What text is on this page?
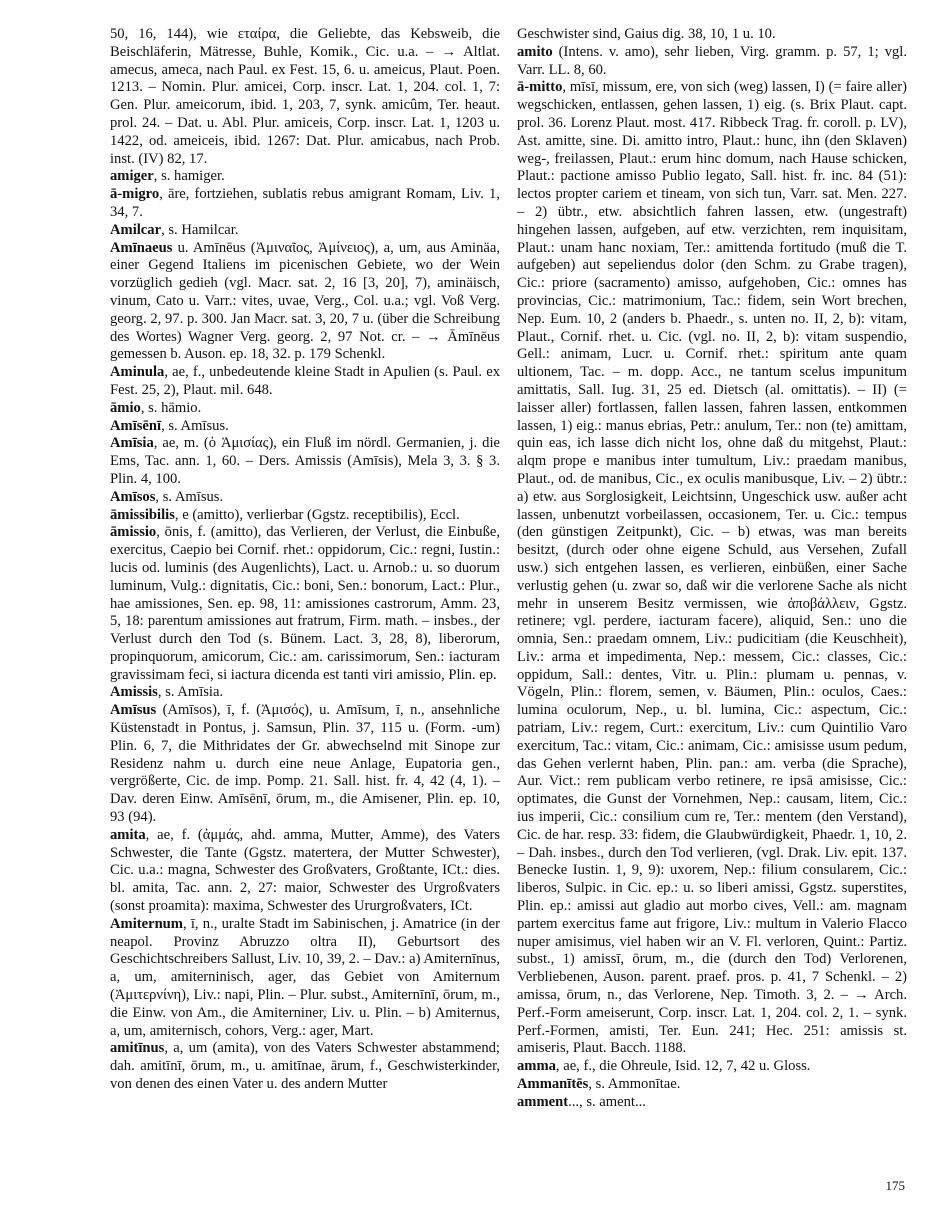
50, 16, 144), wie εταίρα, die Geliebte, das Kebsweib, die Beischläferin, Mätresse, Buhle, Komik., Cic. u.a. – → Altlat. amecus, ameca, nach Paul. ex Fest. 15, 6. u. ameicus, Plaut. Poen. 1213. – Nomin. Plur. amicei, Corp. inscr. Lat. 1, 204. col. 1, 7: Gen. Plur. ameicorum, ibid. 1, 203, 7, synk. amicûm, Ter. heaut. prol. 24. – Dat. u. Abl. Plur. amiceis, Corp. inscr. Lat. 1, 1203 u. 1422, od. ameiceis, ibid. 1267: Dat. Plur. amicabus, nach Prob. inst. (IV) 82, 17.

amiger, s. hamiger.

ā-migro, āre, fortziehen, sublatis rebus amigrant Romam, Liv. 1, 34, 7.

Amilcar, s. Hamilcar.

Amīnaeus u. Amīnēus (Ἀμιναῖος, Ἀμίνειος), a, um, aus Aminäa, einer Gegend Italiens im picenischen Gebiete, wo der Wein vorzüglich gedieh (vgl. Macr. sat. 2, 16 [3, 20], 7), aminäisch, vinum, Cato u. Varr.: vites, uvae, Verg., Col. u.a.; vgl. Voß Verg. georg. 2, 97. p. 300. Jan Macr. sat. 3, 20, 7 u. (über die Schreibung des Wortes) Wagner Verg. georg. 2, 97 Not. cr. – → Āmīnēus gemessen b. Auson. ep. 18, 32. p. 179 Schenkl.

Aminula, ae, f., unbedeutende kleine Stadt in Apulien (s. Paul. ex Fest. 25, 2), Plaut. mil. 648.

āmio, s. hāmio.

Amīsēnī, s. Amīsus.

Amīsia, ae, m. (ὁ Ἀμισίας), ein Fluß im nördl. Germanien, j. die Ems, Tac. ann. 1, 60. – Ders. Amissis (Amīsis), Mela 3, 3. § 3. Plin. 4, 100.

Amīsos, s. Amīsus.

āmissibilis, e (amitto), verlierbar (Ggstz. receptibilis), Eccl.

āmissio, ōnis, f. (amitto), das Verlieren, der Verlust, die Einbuße, exercitus, Caepio bei Cornif. rhet.: oppidorum, Cic.: regni, Iustin.: lucis od. luminis (des Augenlichts), Lact. u. Arnob.: u. so duorum luminum, Vulg.: dignitatis, Cic.: boni, Sen.: bonorum, Lact.: Plur., hae amissiones, Sen. ep. 98, 11: amissiones castrorum, Amm. 23, 5, 18: parentum amissiones aut fratrum, Firm. math. – insbes., der Verlust durch den Tod (s. Bünem. Lact. 3, 28, 8), liberorum, propinquorum, amicorum, Cic.: am. carissimorum, Sen.: iacturam gravissimam feci, si iactura dicenda est tanti viri amissio, Plin. ep.

Amissis, s. Amīsia.

Amīsus (Amīsos), ī, f. (Ἀμισός), u. Amīsum, ī, n., ansehnliche Küstenstadt in Pontus, j. Samsun, Plin. 37, 115 u. (Form. -um) Plin. 6, 7, die Mithridates der Gr. abwechselnd mit Sinope zur Residenz nahm u. durch eine neue Anlage, Eupatoria gen., vergrößerte, Cic. de imp. Pomp. 21. Sall. hist. fr. 4, 42 (4, 1). – Dav. deren Einw. Amīsēnī, ōrum, m., die Amisener, Plin. ep. 10, 93 (94).

amita, ae, f. (ἀμμάς, ahd. amma, Mutter, Amme), des Vaters Schwester, die Tante (Ggstz. matertera, der Mutter Schwester), Cic. u.a.: magna, Schwester des Großvaters, Großtante, ICt.: dies. bl. amita, Tac. ann. 2, 27: maior, Schwester des Urgroßvaters (sonst proamita): maxima, Schwester des Ururgroßvaters, ICt.

Amiternum, ī, n., uralte Stadt im Sabinischen, j. Amatrice (in der neapol. Provinz Abruzzo oltra II), Geburtsort des Geschichtschreibers Sallust, Liv. 10, 39, 2. – Dav.: a) Amiternīnus, a, um, amiterninisch, ager, das Gebiet von Amiternum (Ἀμιτερνίνη), Liv.: napi, Plin. – Plur. subst., Amiternīnī, ōrum, m., die Einw. von Am., die Amiterniner, Liv. u. Plin. – b) Amiternus, a, um, amiternisch, cohors, Verg.: ager, Mart.

amitīnus, a, um (amita), von des Vaters Schwester abstammend; dah. amitīnī, ōrum, m., u. amitīnae, ārum, f., Geschwisterkinder, von denen des einen Vater u. des andern Mutter

Geschwister sind, Gaius dig. 38, 10, 1 u. 10.

amito (Intens. v. amo), sehr lieben, Virg. gramm. p. 57, 1; vgl. Varr. LL. 8, 60.

ā-mitto, mīsī, missum, ere, von sich (weg) lassen, I) (= faire aller) wegschicken, entlassen, gehen lassen, 1) eig. (s. Brix Plaut. capt. prol. 36. Lorenz Plaut. most. 417. Ribbeck Trag. fr. coroll. p. LV), Ast. amitte, sine. Di. amitto intro, Plaut.: hunc, ihn (den Sklaven) weg-, freilassen, Plaut.: erum hinc domum, nach Hause schicken, Plaut.: pactione amisso Publio legato, Sall. hist. fr. inc. 84 (51): lectos propter cariem et tineam, von sich tun, Varr. sat. Men. 227. – 2) übtr., etw. absichtlich fahren lassen, etw. (ungestraft) hingehen lassen, aufgeben, auf etw. verzichten, rem inquisitam, Plaut.: unam hanc noxiam, Ter.: amittenda fortitudo (muß die T. aufgeben) aut sepeliendus dolor (den Schm. zu Grabe tragen), Cic.: priore (sacramento) amisso, aufgehoben, Cic.: omnes has provincias, Cic.: matrimonium, Tac.: fidem, sein Wort brechen, Nep. Eum. 10, 2 (anders b. Phaedr., s. unten no. II, 2, b): vitam, Plaut., Cornif. rhet. u. Cic. (vgl. no. II, 2, b): vitam suspendio, Gell.: animam, Lucr. u. Cornif. rhet.: spiritum ante quam ultionem, Tac. – m. dopp. Acc., ne tantum scelus impunitum amittatis, Sall. Iug. 31, 25 ed. Dietsch (al. omittatis). – II) (= laisser aller) fortlassen, fallen lassen, fahren lassen, entkommen lassen, 1) eig.: manus ebrias, Petr.: anulum, Ter.: non (te) amittam, quin eas, ich lasse dich nicht los, ohne daß du mitgehst, Plaut.: alqm prope e manibus inter tumultum, Liv.: praedam manibus, Plaut., od. de manibus, Cic., ex oculis manibusque, Liv. – 2) übtr.: a) etw. aus Sorglosigkeit, Leichtsinn, Ungeschick usw. außer acht lassen, unbenutzt vorbeilassen, occasionem, Ter. u. Cic.: tempus (den günstigen Zeitpunkt), Cic. – b) etwas, was man bereits besitzt, (durch oder ohne eigene Schuld, aus Versehen, Zufall usw.) sich entgehen lassen, es verlieren, einbüßen, einer Sache verlustig gehen (u. zwar so, daß wir die verlorene Sache als nicht mehr in unserem Besitz vermissen, wie ἀποβάλλειν, Ggstz. retinere; vgl. perdere, iacturam facere), aliquid, Sen.: uno die omnia, Sen.: praedam omnem, Liv.: pudicitiam (die Keuschheit), Liv.: arma et impedimenta, Nep.: messem, Cic.: classes, Cic.: oppidum, Sall.: dentes, Vitr. u. Plin.: plumam u. pennas, v. Vögeln, Plin.: florem, semen, v. Bäumen, Plin.: oculos, Caes.: lumina oculorum, Nep., u. bl. lumina, Cic.: aspectum, Cic.: patriam, Liv.: regem, Curt.: exercitum, Liv.: cum Quintilio Varo exercitum, Tac.: vitam, Cic.: animam, Cic.: amisisse usum pedum, das Gehen verlernt haben, Plin. pan.: am. verba (die Sprache), Aur. Vict.: rem publicam verbo retinere, re ipsā amisisse, Cic.: optimates, die Gunst der Vornehmen, Nep.: causam, litem, Cic.: ius imperii, Cic.: consilium cum re, Ter.: mentem (den Verstand), Cic. de har. resp. 33: fidem, die Glaubwürdigkeit, Phaedr. 1, 10, 2. – Dah. insbes., durch den Tod verlieren, (vgl. Drak. Liv. epit. 137. Benecke Iustin. 1, 9, 9): uxorem, Nep.: filium consularem, Cic.: liberos, Sulpic. in Cic. ep.: u. so liberi amissi, Ggstz. superstites, Plin. ep.: amissi aut gladio aut morbo cives, Vell.: am. magnam partem exercitus fame aut frigore, Liv.: multum in Valerio Flacco nuper amisimus, viel haben wir an V. Fl. verloren, Quint.: Partiz. subst., 1) amissī, ōrum, m., die (durch den Tod) Verlorenen, Verbliebenen, Auson. parent. praef. pros. p. 41, 7 Schenkl. – 2) amissa, ōrum, n., das Verlorene, Nep. Timoth. 3, 2. – → Arch. Perf.-Form ameiserunt, Corp. inscr. Lat. 1, 204. col. 2, 1. – synk. Perf.-Formen, amisti, Ter. Eun. 241; Hec. 251: amissis st. amiseris, Plaut. Bacch. 1188.

amma, ae, f., die Ohreule, Isid. 12, 7, 42 u. Gloss.

Ammanītēs, s. Ammonītae.

amment..., s. ament...

175
